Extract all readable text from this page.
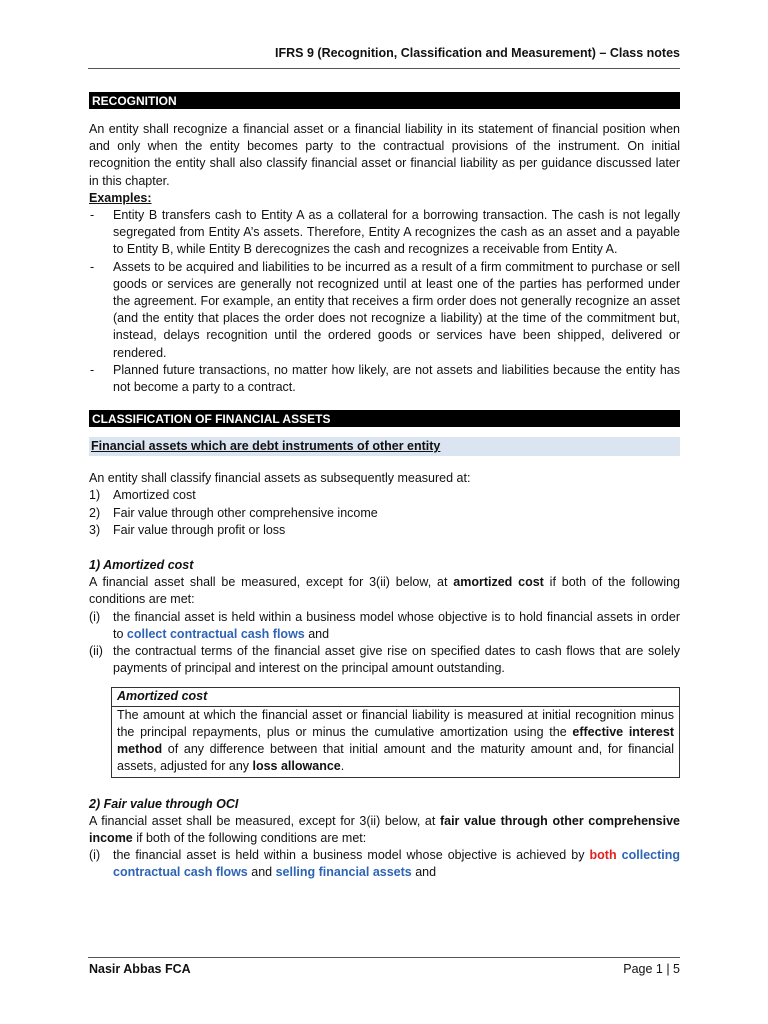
IFRS 9 (Recognition, Classification and Measurement) – Class notes
RECOGNITION

An entity shall recognize a financial asset or a financial liability in its statement of financial position when and only when the entity becomes party to the contractual provisions of the instrument. On initial recognition the entity shall also classify financial asset or financial liability as per guidance discussed later in this chapter.

Examples:
- Entity B transfers cash to Entity A as a collateral for a borrowing transaction. The cash is not legally segregated from Entity A’s assets. Therefore, Entity A recognizes the cash as an asset and a payable to Entity B, while Entity B derecognizes the cash and recognizes a receivable from Entity A.
- Assets to be acquired and liabilities to be incurred as a result of a firm commitment to purchase or sell goods or services are generally not recognized until at least one of the parties has performed under the agreement. For example, an entity that receives a firm order does not generally recognize an asset (and the entity that places the order does not recognize a liability) at the time of the commitment but, instead, delays recognition until the ordered goods or services have been shipped, delivered or rendered.
- Planned future transactions, no matter how likely, are not assets and liabilities because the entity has not become a party to a contract.
CLASSIFICATION OF FINANCIAL ASSETS
Financial assets which are debt instruments of other entity

An entity shall classify financial assets as subsequently measured at:

1) Amortized cost
2) Fair value through other comprehensive income
3) Fair value through profit or loss
1) Amortized cost

A financial asset shall be measured, except for 3(ii) below, at amortized cost if both of the following conditions are met:

(i) the financial asset is held within a business model whose objective is to hold financial assets in order to collect contractual cash flows and
(ii) the contractual terms of the financial asset give rise on specified dates to cash flows that are solely payments of principal and interest on the principal amount outstanding.
Amortized cost
The amount at which the financial asset or financial liability is measured at initial recognition minus the principal repayments, plus or minus the cumulative amortization using the effective interest method of any difference between that initial amount and the maturity amount and, for financial assets, adjusted for any loss allowance.
2) Fair value through OCI

A financial asset shall be measured, except for 3(ii) below, at fair value through other comprehensive income if both of the following conditions are met:

(i) the financial asset is held within a business model whose objective is achieved by both collecting contractual cash flows and selling financial assets and
Nasir Abbas FCA	Page 1 | 5
